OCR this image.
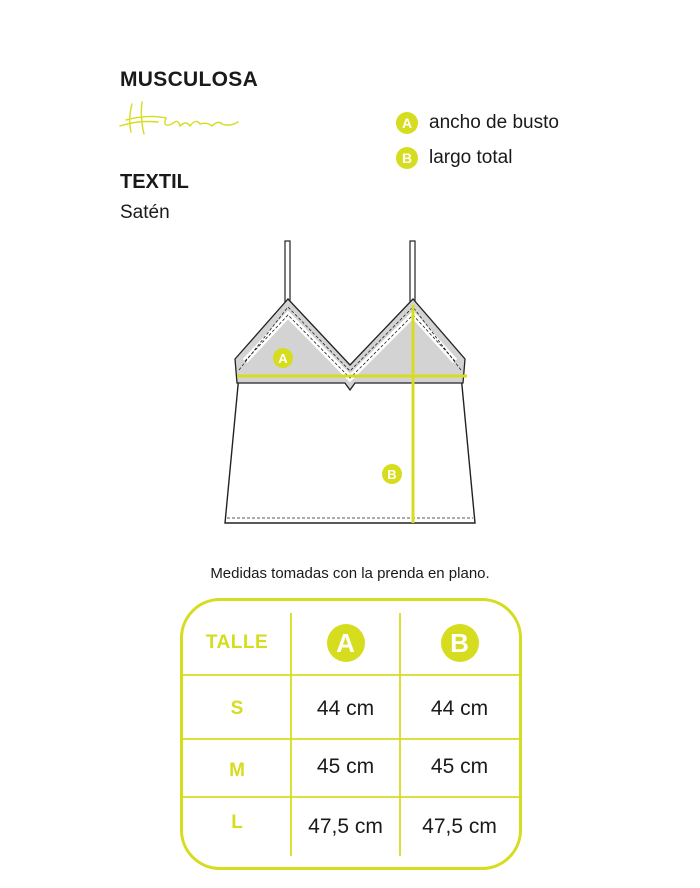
MUSCULOSA
TEXTIL
Satén
A ancho de busto
B largo total
A
B
Medidas tomadas con la prenda en plano.
TALLE	A	B
S	44 cm	44 cm
M	45 cm	45 cm
L	47,5 cm	47,5 cm
